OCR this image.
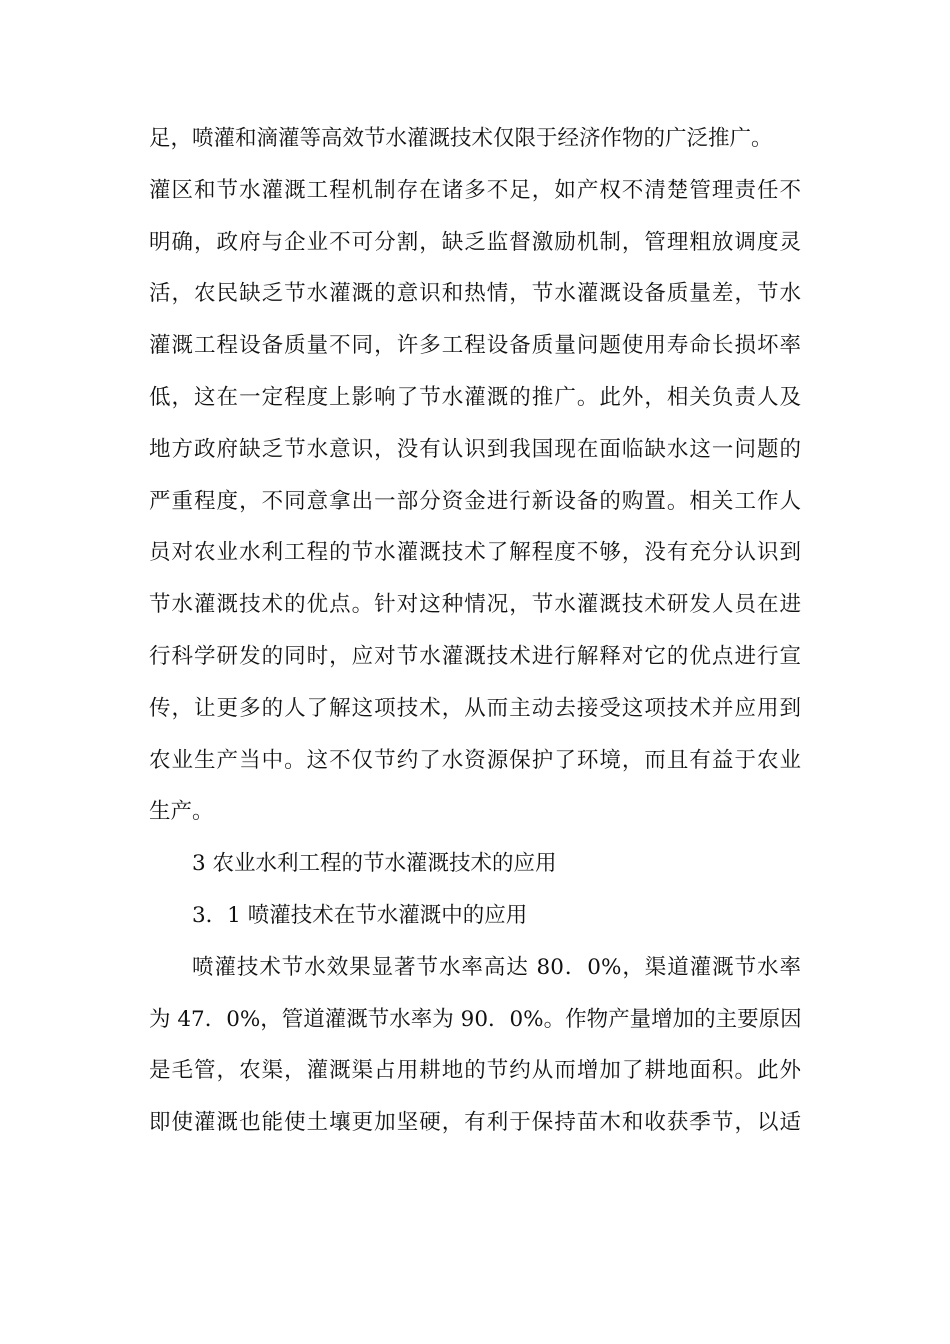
足，喷灌和滴灌等高效节水灌溉技术仅限于经济作物的广泛推广。
灌区和节水灌溉工程机制存在诸多不足，如产权不清楚管理责任不
明确，政府与企业不可分割，缺乏监督激励机制，管理粗放调度灵
活，农民缺乏节水灌溉的意识和热情，节水灌溉设备质量差，节水
灌溉工程设备质量不同，许多工程设备质量问题使用寿命长损坏率
低，这在一定程度上影响了节水灌溉的推广。此外，相关负责人及
地方政府缺乏节水意识，没有认识到我国现在面临缺水这一问题的
严重程度，不同意拿出一部分资金进行新设备的购置。相关工作人
员对农业水利工程的节水灌溉技术了解程度不够，没有充分认识到
节水灌溉技术的优点。针对这种情况，节水灌溉技术研发人员在进
行科学研发的同时，应对节水灌溉技术进行解释对它的优点进行宣
传，让更多的人了解这项技术，从而主动去接受这项技术并应用到
农业生产当中。这不仅节约了水资源保护了环境，而且有益于农业
生产。
3 农业水利工程的节水灌溉技术的应用
3．1 喷灌技术在节水灌溉中的应用
喷灌技术节水效果显著节水率高达 80．0%，渠道灌溉节水率
为 47．0%，管道灌溉节水率为 90．0%。作物产量增加的主要原因
是毛管，农渠，灌溉渠占用耕地的节约从而增加了耕地面积。此外
即使灌溉也能使土壤更加坚硬，有利于保持苗木和收获季节，以适
